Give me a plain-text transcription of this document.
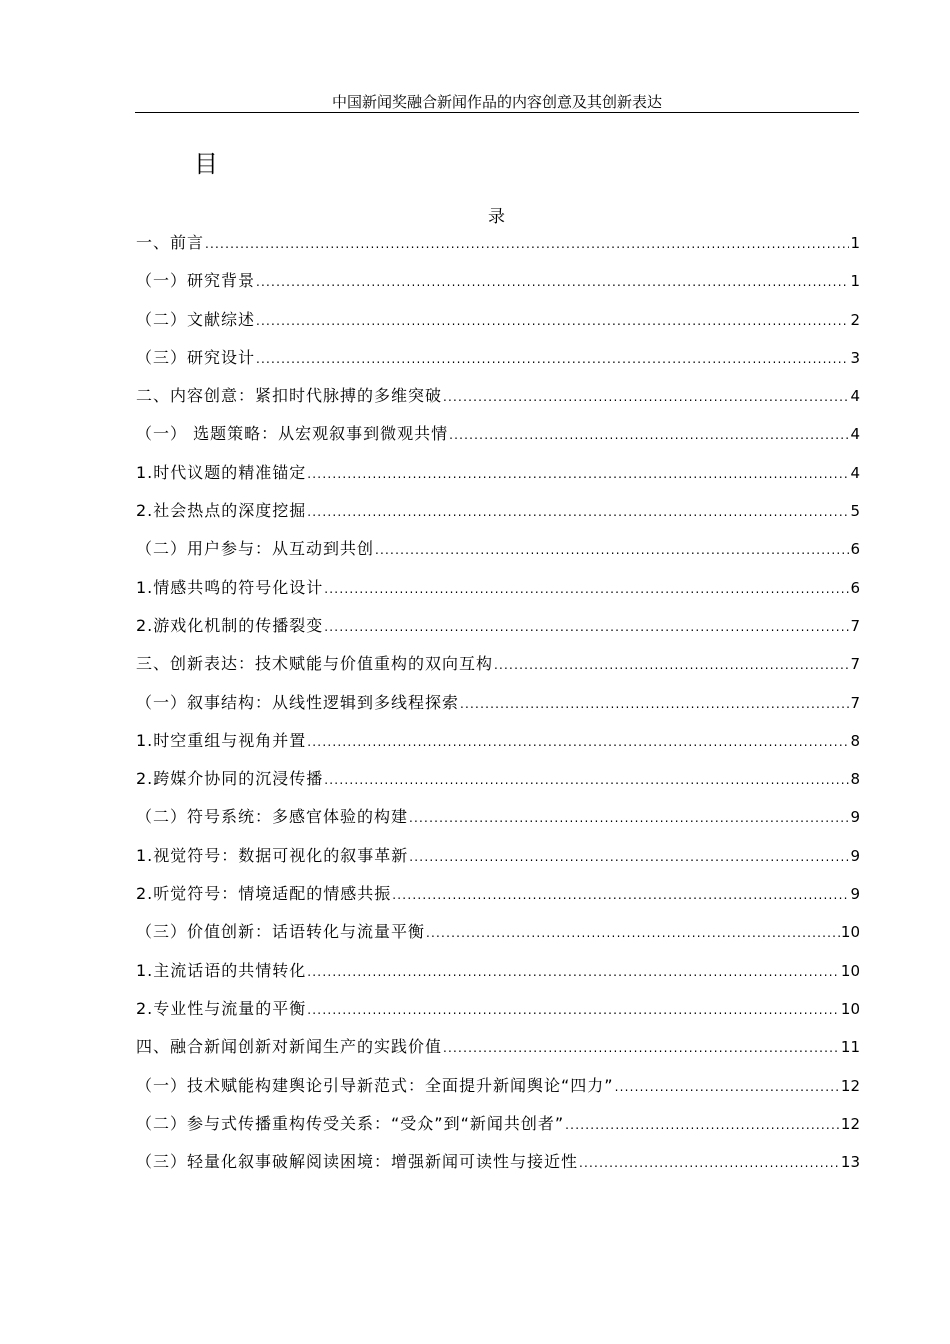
中国新闻奖融合新闻作品的内容创意及其创新表达
目
录
一、前言 .....	1
（一）研究背景 .....	1
（二）文献综述 .....	2
（三）研究设计 .....	3
二、内容创意：紧扣时代脉搏的多维突破 .....	4
（一） 选题策略：从宏观叙事到微观共情 .....	4
1.时代议题的精准锚定 .....	4
2.社会热点的深度挖掘 .....	5
（二）用户参与：从互动到共创 .....	6
1.情感共鸣的符号化设计 .....	6
2.游戏化机制的传播裂变 .....	7
三、创新表达：技术赋能与价值重构的双向互构 .....	7
（一）叙事结构：从线性逻辑到多线程探索 .....	7
1.时空重组与视角并置 .....	8
2.跨媒介协同的沉浸传播 .....	8
（二）符号系统：多感官体验的构建 .....	9
1.视觉符号：数据可视化的叙事革新 .....	9
2.听觉符号：情境适配的情感共振 .....	9
（三）价值创新：话语转化与流量平衡 .....	10
1.主流话语的共情转化 .....	10
2.专业性与流量的平衡 .....	10
四、融合新闻创新对新闻生产的实践价值 .....	11
（一）技术赋能构建舆论引导新范式：全面提升新闻舆论“四力” .....	12
（二）参与式传播重构传受关系：“受众”到“新闻共创者” .....	12
（三）轻量化叙事破解阅读困境：增强新闻可读性与接近性 .....	13
